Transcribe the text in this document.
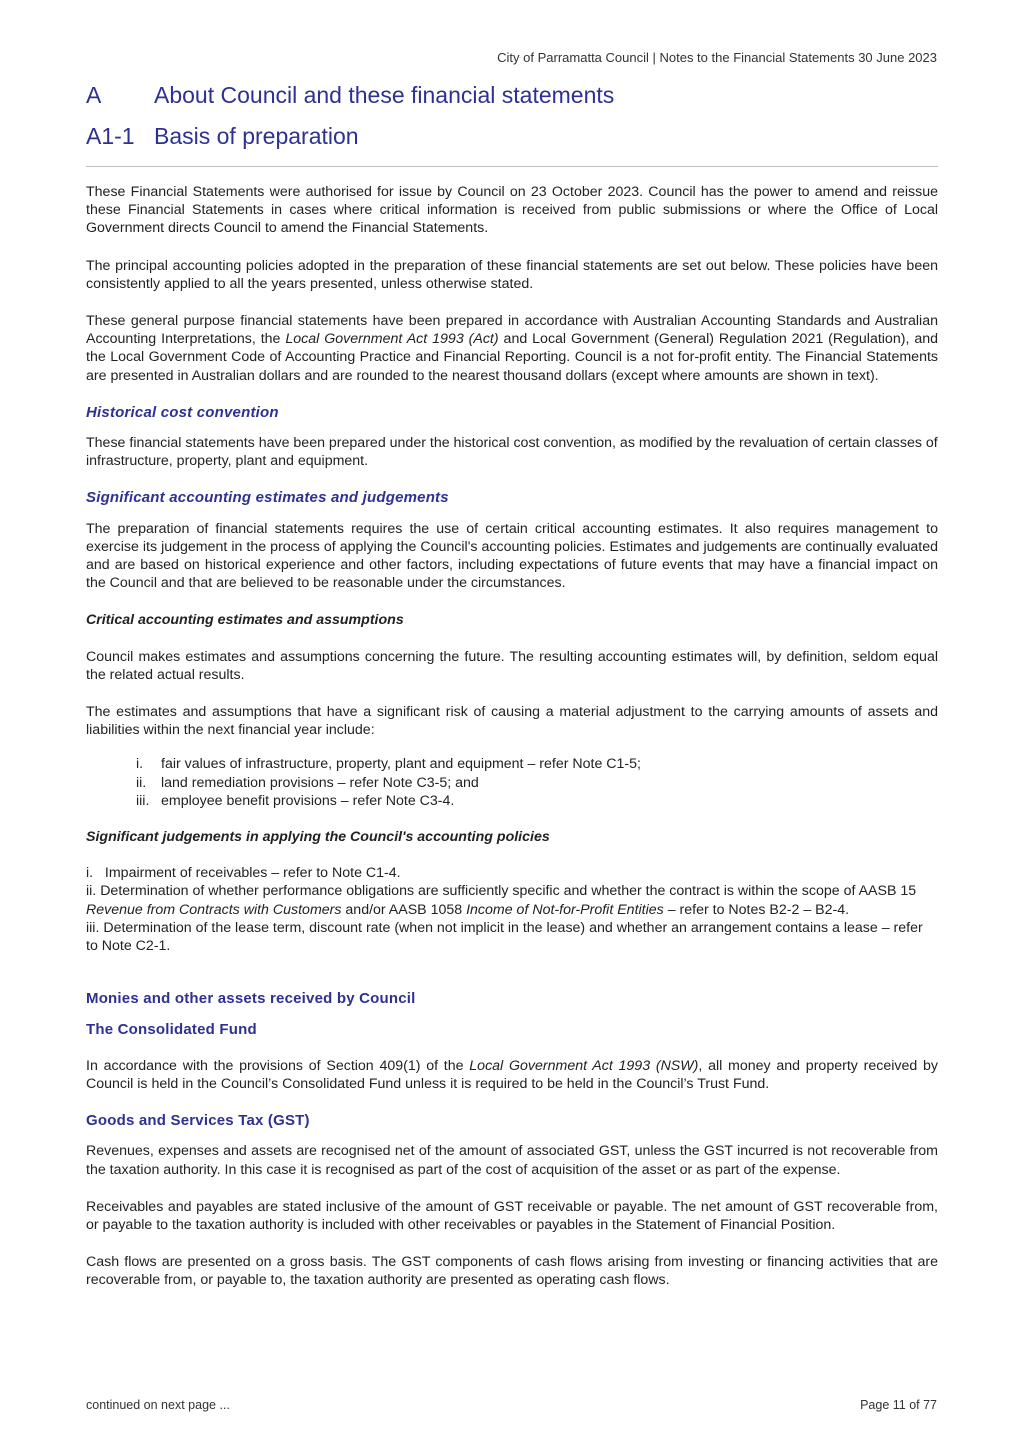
City of Parramatta Council | Notes to the Financial Statements 30 June 2023
A About Council and these financial statements
A1-1 Basis of preparation

These Financial Statements were authorised for issue by Council on 23 October 2023. Council has the power to amend and reissue these Financial Statements in cases where critical information is received from public submissions or where the Office of Local Government directs Council to amend the Financial Statements.

The principal accounting policies adopted in the preparation of these financial statements are set out below. These policies have been consistently applied to all the years presented, unless otherwise stated.

These general purpose financial statements have been prepared in accordance with Australian Accounting Standards and Australian Accounting Interpretations, the Local Government Act 1993 (Act) and Local Government (General) Regulation 2021 (Regulation), and the Local Government Code of Accounting Practice and Financial Reporting. Council is a not for-profit entity. The Financial Statements are presented in Australian dollars and are rounded to the nearest thousand dollars (except where amounts are shown in text).

Historical cost convention

These financial statements have been prepared under the historical cost convention, as modified by the revaluation of certain classes of infrastructure, property, plant and equipment.

Significant accounting estimates and judgements

The preparation of financial statements requires the use of certain critical accounting estimates. It also requires management to exercise its judgement in the process of applying the Council's accounting policies. Estimates and judgements are continually evaluated and are based on historical experience and other factors, including expectations of future events that may have a financial impact on the Council and that are believed to be reasonable under the circumstances.

Critical accounting estimates and assumptions

Council makes estimates and assumptions concerning the future. The resulting accounting estimates will, by definition, seldom equal the related actual results.

The estimates and assumptions that have a significant risk of causing a material adjustment to the carrying amounts of assets and liabilities within the next financial year include:

i. fair values of infrastructure, property, plant and equipment – refer Note C1-5;
ii. land remediation provisions – refer Note C3-5; and
iii. employee benefit provisions – refer Note C3-4.
Significant judgements in applying the Council's accounting policies
i.   Impairment of receivables – refer to Note C1-4.
ii. Determination of whether performance obligations are sufficiently specific and whether the contract is within the scope of AASB 15 Revenue from Contracts with Customers and/or AASB 1058 Income of Not-for-Profit Entities – refer to Notes B2-2 – B2-4.
iii. Determination of the lease term, discount rate (when not implicit in the lease) and whether an arrangement contains a lease – refer to Note C2-1.
Monies and other assets received by Council
The Consolidated Fund

In accordance with the provisions of Section 409(1) of the Local Government Act 1993 (NSW), all money and property received by Council is held in the Council’s Consolidated Fund unless it is required to be held in the Council’s Trust Fund.

Goods and Services Tax (GST)

Revenues, expenses and assets are recognised net of the amount of associated GST, unless the GST incurred is not recoverable from the taxation authority. In this case it is recognised as part of the cost of acquisition of the asset or as part of the expense.

Receivables and payables are stated inclusive of the amount of GST receivable or payable. The net amount of GST recoverable from, or payable to the taxation authority is included with other receivables or payables in the Statement of Financial Position.

Cash flows are presented on a gross basis. The GST components of cash flows arising from investing or financing activities that are recoverable from, or payable to, the taxation authority are presented as operating cash flows.

continued on next page ...	Page 11 of 77
